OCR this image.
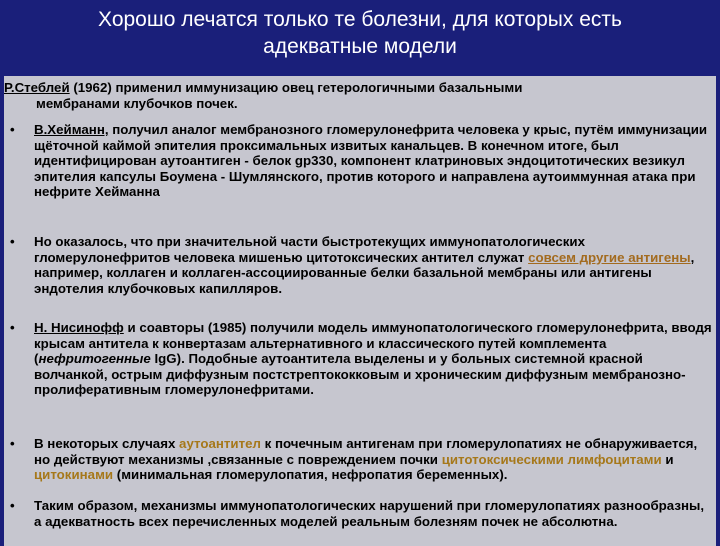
Хорошо лечатся только те болезни, для которых есть
адекватные модели
Р.Стеблей (1962) применил иммунизацию овец гетерологичными базальными
мембранами клубочков почек.
•	В.Хейманн, получил аналог мембранозного гломерулонефрита человека у крыс, путём иммунизации щёточной каймой эпителия проксимальных извитых канальцев. В конечном итоге, был идентифицирован аутоантиген - белок gp330, компонент клатриновых эндоцитотических везикул эпителия капсулы Боумена - Шумлянского, против которого и направлена аутоиммунная атака при нефрите Хейманна
•	Но оказалось, что при значительной части быстротекущих иммунопатологических гломерулонефритов человека мишенью цитотоксических антител служат совсем другие антигены, например, коллаген и коллаген-ассоциированные белки базальной мембраны или антигены эндотелия клубочковых капилляров.
•	Н. Нисинофф и соавторы (1985) получили модель иммунопатологического гломерулонефрита, вводя крысам антитела к конвертазам альтернативного и классического путей комплемента (нефритогенные IgG). Подобные аутоантитела выделены и у больных системной красной волчанкой, острым диффузным постстрептококковым и хроническим диффузным мембранозно-пролиферативным гломерулонефритами.
•	В некоторых случаях аутоантител к почечным антигенам при гломерулопатиях не обнаруживается, но действуют механизмы ,связанные с повреждением почки цитотоксическими лимфоцитами и цитокинами (минимальная гломерулопатия, нефропатия беременных).
•	Таким образом, механизмы иммунопатологических нарушений при гломерулопатиях разнообразны, а адекватность всех перечисленных моделей реальным болезням почек не абсолютна.
